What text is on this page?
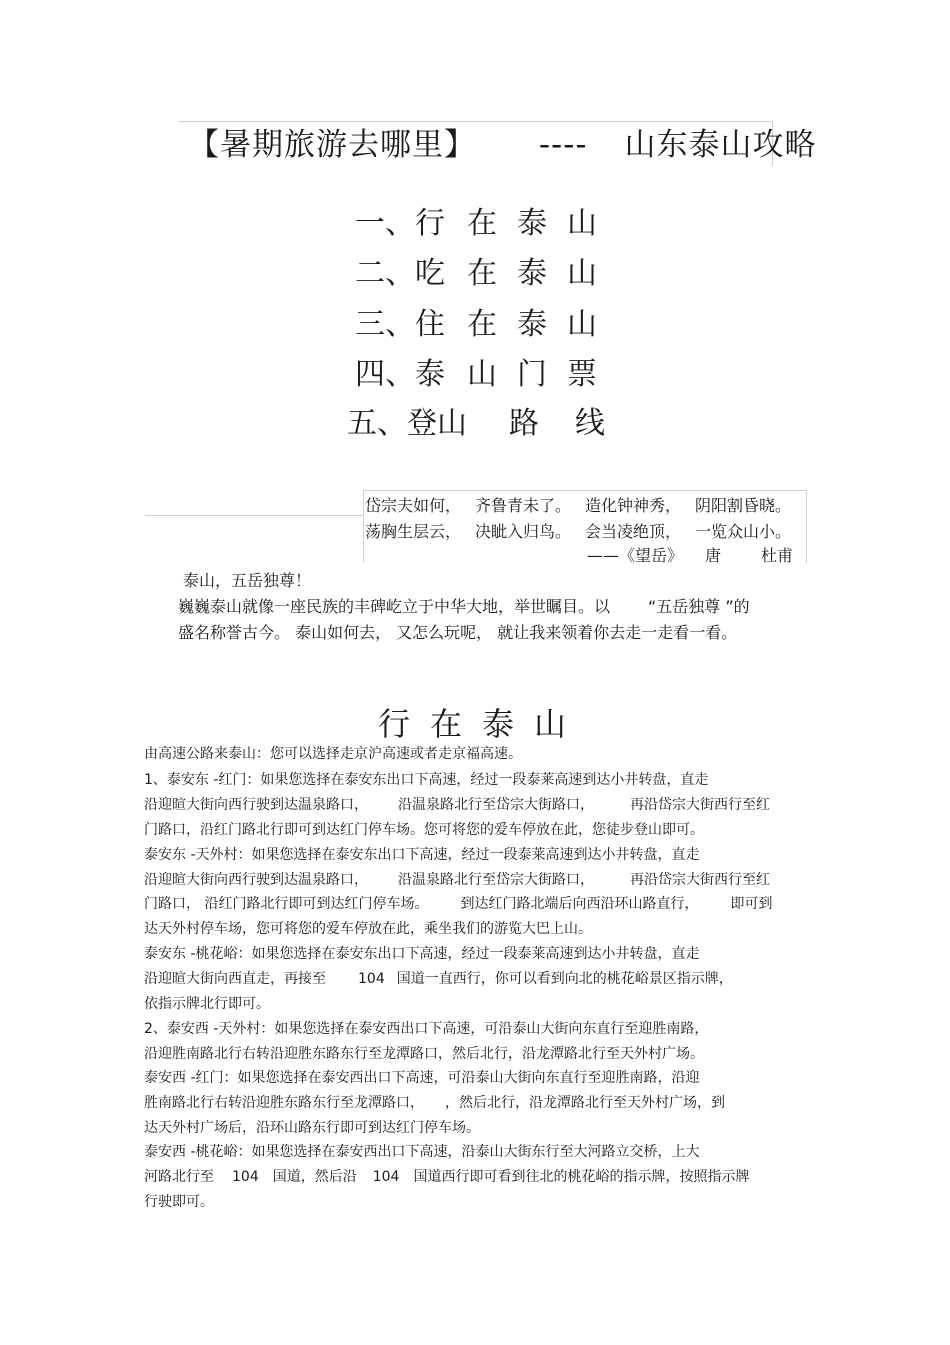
【暑期旅游去哪里】 ---- 山东泰山攻略
一、行 在 泰 山
二、吃 在 泰 山
三、住 在 泰 山
四、泰 山 门 票
五、登山 路 线
岱宗夫如何， 齐鲁青未了。 造化钟神秀， 阴阳割昏晓。
荡胸生层云， 决眦入归鸟。 会当凌绝顶， 一览众山小。
——《望岳》 唐	杜甫
泰山，五岳独尊！
巍巍泰山就像一座民族的丰碑屹立于中华大地，举世瞩目。以 “五岳独尊 ”的
盛名称誉古今。 泰山如何去， 又怎么玩呢， 就让我来领着你去走一走看一看。
行在泰山
由高速公路来泰山：您可以选择走京沪高速或者走京福高速。
1、泰安东 -红门：如果您选择在泰安东出口下高速，经过一段泰莱高速到达小井转盘，直走
沿迎暄大街向西行驶到达温泉路口， 沿温泉路北行至岱宗大街路口，	再沿岱宗大街西行至红
门路口，沿红门路北行即可到达红门停车场。您可将您的爱车停放在此，您徒步登山即可。
泰安东 -天外村：如果您选择在泰安东出口下高速，经过一段泰莱高速到达小井转盘，直走
沿迎暄大街向西行驶到达温泉路口， 沿温泉路北行至岱宗大街路口，	再沿岱宗大街西行至红
门路口， 沿红门路北行即可到达红门停车场。 到达红门路北端后向西沿环山路直行， 即可到
达天外村停车场，您可将您的爱车停放在此，乘坐我们的游览大巴上山。
泰安东 -桃花峪：如果您选择在泰安东出口下高速，经过一段泰莱高速到达小井转盘，直走
沿迎暄大街向西直走，再接至 104 国道一直西行，你可以看到向北的桃花峪景区指示牌，
依指示牌北行即可。
2、泰安西 -天外村：如果您选择在泰安西出口下高速，可沿泰山大街向东直行至迎胜南路，
沿迎胜南路北行右转沿迎胜东路东行至龙潭路口，然后北行，沿龙潭路北行至天外村广场。
泰安西 -红门：如果您选择在泰安西出口下高速，可沿泰山大街向东直行至迎胜南路，沿迎
胜南路北行右转沿迎胜东路东行至龙潭路口， ，然后北行，沿龙潭路北行至天外村广场，到
达天外村广场后，沿环山路东行即可到达红门停车场。
泰安西 -桃花峪：如果您选择在泰安西出口下高速，沿泰山大街东行至大河路立交桥，上大
河路北行至 104 国道，然后沿 104 国道西行即可看到往北的桃花峪的指示牌，按照指示牌
行驶即可。
